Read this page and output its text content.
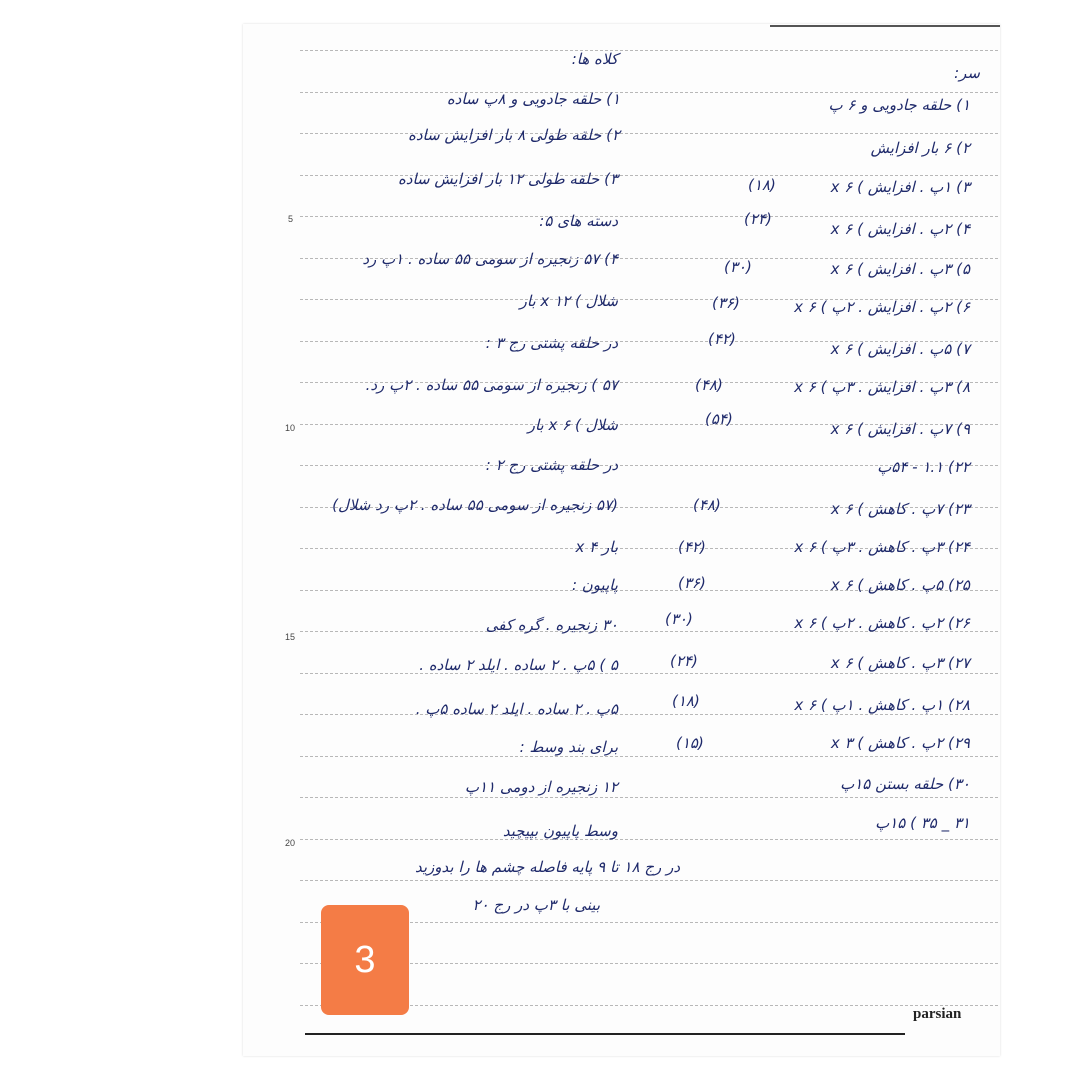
5
10
15
20
سر:
کلاه ها:
۱) حلقه جادویی و ۶ پ
۲) ۶ بار افزایش
۳) ۱پ . افزایش ) ۶ x
۴) ۲پ . افزایش ) ۶ x
۵) ۳پ . افزایش ) ۶ x
۶) ۲پ . افزایش . ۲پ ) ۶ x
۷) ۵پ . افزایش ) ۶ x
۸) ۳پ . افزایش . ۳پ ) ۶ x
۹) ۷پ . افزایش ) ۶ x
۲۲) ۱.۱ - ۵۴پ
۲۳) ۷پ . کاهش ) ۶ x
۲۴) ۳پ . کاهش . ۳پ ) ۶ x
۲۵) ۵پ . کاهش ) ۶ x
۲۶) ۲پ . کاهش . ۲پ ) ۶ x
۲۷) ۳پ . کاهش ) ۶ x
۲۸) ۱پ . کاهش . ۱پ ) ۶ x
۲۹) ۲پ . کاهش ) ۳ x
۳۰) حلقه بستن ۱۵پ
۳۱ _ ۳۵ ) ۱۵پ
(۱۸)
(۲۴)
(۳۰)
(۳۶)
(۴۲)
(۴۸)
(۵۴)
(۴۸)
(۴۲)
(۳۶)
(۳۰)
(۲۴)
(۱۸)
(۱۵)
۱) حلقه جادویی و ۸پ ساده
۲) حلقه طولی ۸ بار افزایش ساده
۳) حلقه طولی ۱۲ بار افزایش ساده
دسته های ۵:
۴) ۵۷ زنجیره از سومی ۵۵ ساده . ۱پ رد
شلال ) x ۱۲ بار
در حلقه پشتی رج ۳ :
۵۷ ) زنجیره از سومی ۵۵ ساده . ۲پ رد.
شلال ) x ۶ بار
در حلقه پشتی رج ۲ :
(۵۷ زنجیره از سومی ۵۵ ساده . ۲پ رد شلال)
x ۴ بار
پاپیون :
۳۰ زنجیره . گره کفی
۵ ) ۵پ . ۲ ساده . ایلد ۲ ساده .
۵پ . ۲ ساده . ایلد ۲ ساده ۵پ .
برای بند وسط :
۱۲ زنجیره از دومی ۱۱پ
وسط پاپیون بپیچید
در رج ۱۸ تا ۹ پایه فاصله چشم ها را بدوزید
بینی با ۳پ در رج ۲۰
3
parsian
